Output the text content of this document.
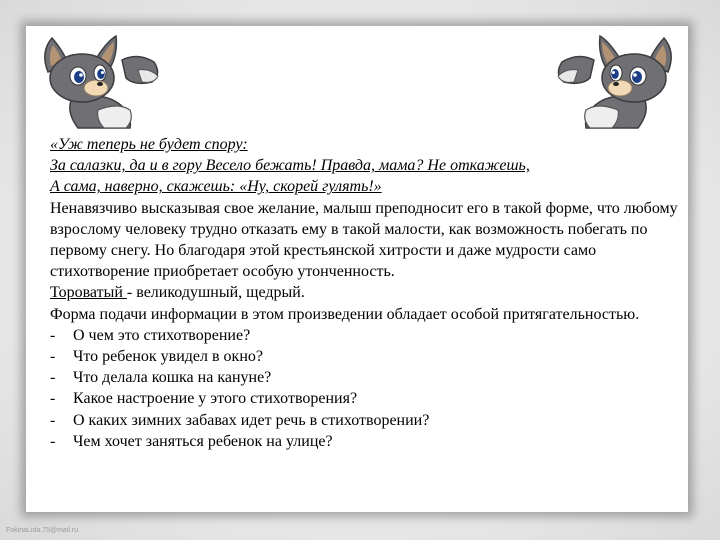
«Уж теперь не будет спору:

За салазки, да и в гору Весело бежать! Правда, мама? Не откажешь,

А сама, наверно, скажешь: «Ну, скорей гулять!»

Ненавязчиво высказывая свое желание, малыш преподносит его в такой форме, что любому взрослому человеку трудно отказать ему в такой малости, как возможность побегать по первому снегу. Но благодаря этой крестьянской хитрости и даже мудрости само стихотворение приобретает особую утонченность.

Тороватый - великодушный, щедрый.

Форма подачи информации в этом произведении обладает особой притягательностью.

-	О чем это стихотворение?
-	Что ребенок увидел в окно?
-	Что делала кошка на кануне?
-	Какое настроение у этого стихотворения?
-	О каких зимних забавах идет речь в стихотворении?
-	Чем хочет заняться ребенок на улице?
FokinaLida.75@mail.ru
